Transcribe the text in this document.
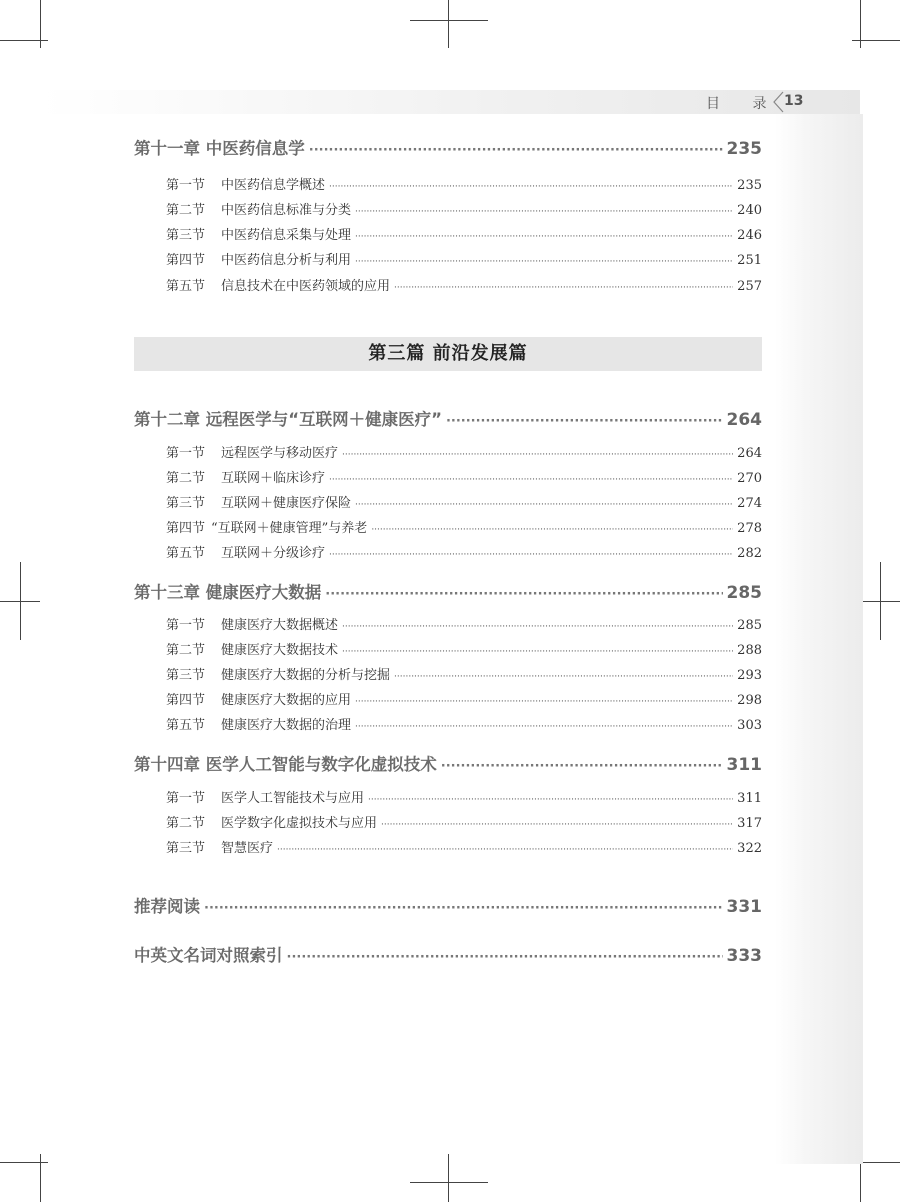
目 录 13
第十一章 中医药信息学 ·····	235
第一节 中医药信息学概述 ·····	235
第二节 中医药信息标准与分类 ·····	240
第三节 中医药信息采集与处理 ·····	246
第四节 中医药信息分析与利用 ·····	251
第五节 信息技术在中医药领域的应用 ·····	257
第三篇 前沿发展篇
第十二章 远程医学与“互联网＋健康医疗” ·····	264
第一节 远程医学与移动医疗 ·····	264
第二节 互联网＋临床诊疗 ·····	270
第三节 互联网＋健康医疗保险 ·····	274
第四节 “互联网＋健康管理”与养老 ·····	278
第五节 互联网＋分级诊疗 ·····	282
第十三章 健康医疗大数据 ·····	285
第一节 健康医疗大数据概述 ·····	285
第二节 健康医疗大数据技术 ·····	288
第三节 健康医疗大数据的分析与挖掘 ·····	293
第四节 健康医疗大数据的应用 ·····	298
第五节 健康医疗大数据的治理 ·····	303
第十四章 医学人工智能与数字化虚拟技术 ·····	311
第一节 医学人工智能技术与应用 ·····	311
第二节 医学数字化虚拟技术与应用 ·····	317
第三节 智慧医疗 ·····	322
推荐阅读 ·····	331
中英文名词对照索引 ·····	333
